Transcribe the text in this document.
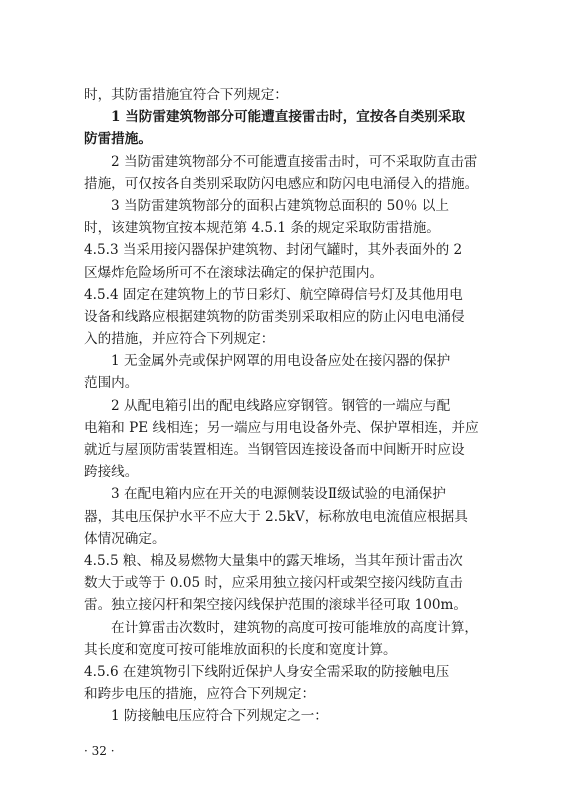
时，其防雷措施宜符合下列规定：
1 当防雷建筑物部分可能遭直接雷击时，宜按各自类别采取
防雷措施。
2 当防雷建筑物部分不可能遭直接雷击时，可不采取防直击雷
措施，可仅按各自类别采取防闪电感应和防闪电电涌侵入的措施。
3 当防雷建筑物部分的面积占建筑物总面积的 50％ 以上
时，该建筑物宜按本规范第 4.5.1 条的规定采取防雷措施。
4.5.3 当采用接闪器保护建筑物、封闭气罐时，其外表面外的 2
区爆炸危险场所可不在滚球法确定的保护范围内。
4.5.4 固定在建筑物上的节日彩灯、航空障碍信号灯及其他用电
设备和线路应根据建筑物的防雷类别采取相应的防止闪电电涌侵
入的措施，并应符合下列规定：
1 无金属外壳或保护网罩的用电设备应处在接闪器的保护
范围内。
2 从配电箱引出的配电线路应穿钢管。钢管的一端应与配
电箱和 PE 线相连；另一端应与用电设备外壳、保护罩相连，并应
就近与屋顶防雷装置相连。当钢管因连接设备而中间断开时应设
跨接线。
3 在配电箱内应在开关的电源侧装设Ⅱ级试验的电涌保护
器，其电压保护水平不应大于 2.5kV，标称放电电流值应根据具
体情况确定。
4.5.5 粮、棉及易燃物大量集中的露天堆场，当其年预计雷击次
数大于或等于 0.05 时，应采用独立接闪杆或架空接闪线防直击
雷。独立接闪杆和架空接闪线保护范围的滚球半径可取 100m。
在计算雷击次数时，建筑物的高度可按可能堆放的高度计算，
其长度和宽度可按可能堆放面积的长度和宽度计算。
4.5.6 在建筑物引下线附近保护人身安全需采取的防接触电压
和跨步电压的措施，应符合下列规定：
1 防接触电压应符合下列规定之一：
· 32 ·
